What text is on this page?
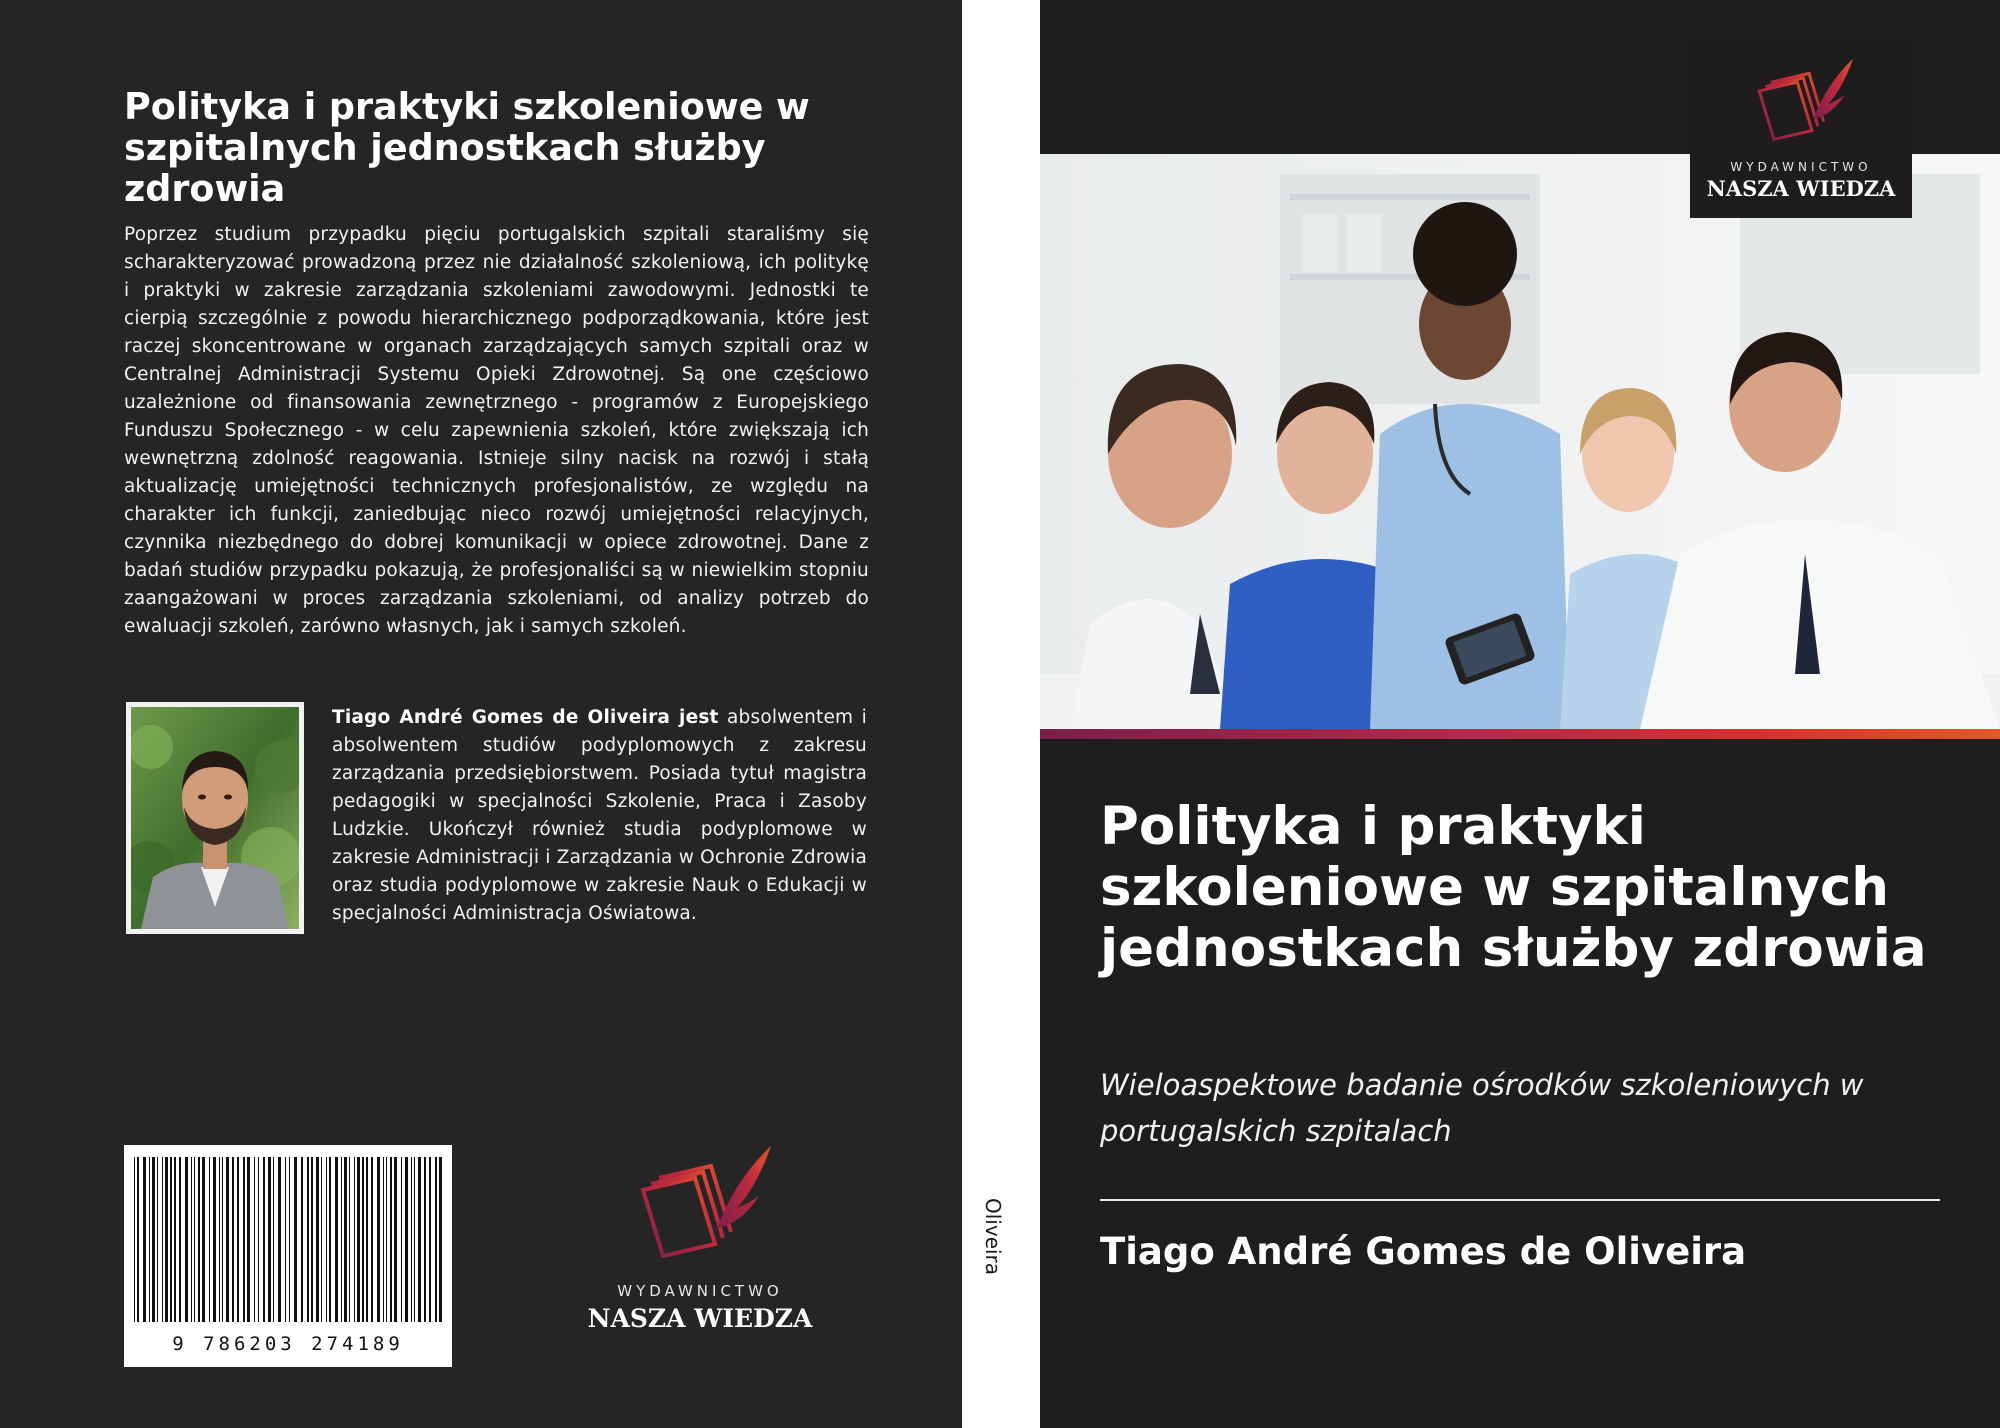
Polityka i praktyki szkoleniowe w szpitalnych jednostkach służby zdrowia

Poprzez studium przypadku pięciu portugalskich szpitali staraliśmy się scharakteryzować prowadzoną przez nie działalność szkoleniową, ich politykę i praktyki w zakresie zarządzania szkoleniami zawodowymi. Jednostki te cierpią szczególnie z powodu hierarchicznego podporządkowania, które jest raczej skoncentrowane w organach zarządzających samych szpitali oraz w Centralnej Administracji Systemu Opieki Zdrowotnej. Są one częściowo uzależnione od finansowania zewnętrznego - programów z Europejskiego Funduszu Społecznego - w celu zapewnienia szkoleń, które zwiększają ich wewnętrzną zdolność reagowania. Istnieje silny nacisk na rozwój i stałą aktualizację umiejętności technicznych profesjonalistów, ze względu na charakter ich funkcji, zaniedbując nieco rozwój umiejętności relacyjnych, czynnika niezbędnego do dobrej komunikacji w opiece zdrowotnej. Dane z badań studiów przypadku pokazują, że profesjonaliści są w niewielkim stopniu zaangażowani w proces zarządzania szkoleniami, od analizy potrzeb do ewaluacji szkoleń, zarówno własnych, jak i samych szkoleń.

Tiago André Gomes de Oliveira jest absolwentem i absolwentem studiów podyplomowych z zakresu zarządzania przedsiębiorstwem. Posiada tytuł magistra pedagogiki w specjalności Szkolenie, Praca i Zasoby Ludzkie. Ukończył również studia podyplomowe w zakresie Administracji i Zarządzania w Ochronie Zdrowia oraz studia podyplomowe w zakresie Nauk o Edukacji w specjalności Administracja Oświatowa.

9 786203 274189
WYDAWNICTWO
NASZA WIEDZA
Oliveira
WYDAWNICTWO
NASZA WIEDZA
Polityka i praktyki szkoleniowe w szpitalnych jednostkach służby zdrowia

Wieloaspektowe badanie ośrodków szkoleniowych w portugalskich szpitalach

Tiago André Gomes de Oliveira
